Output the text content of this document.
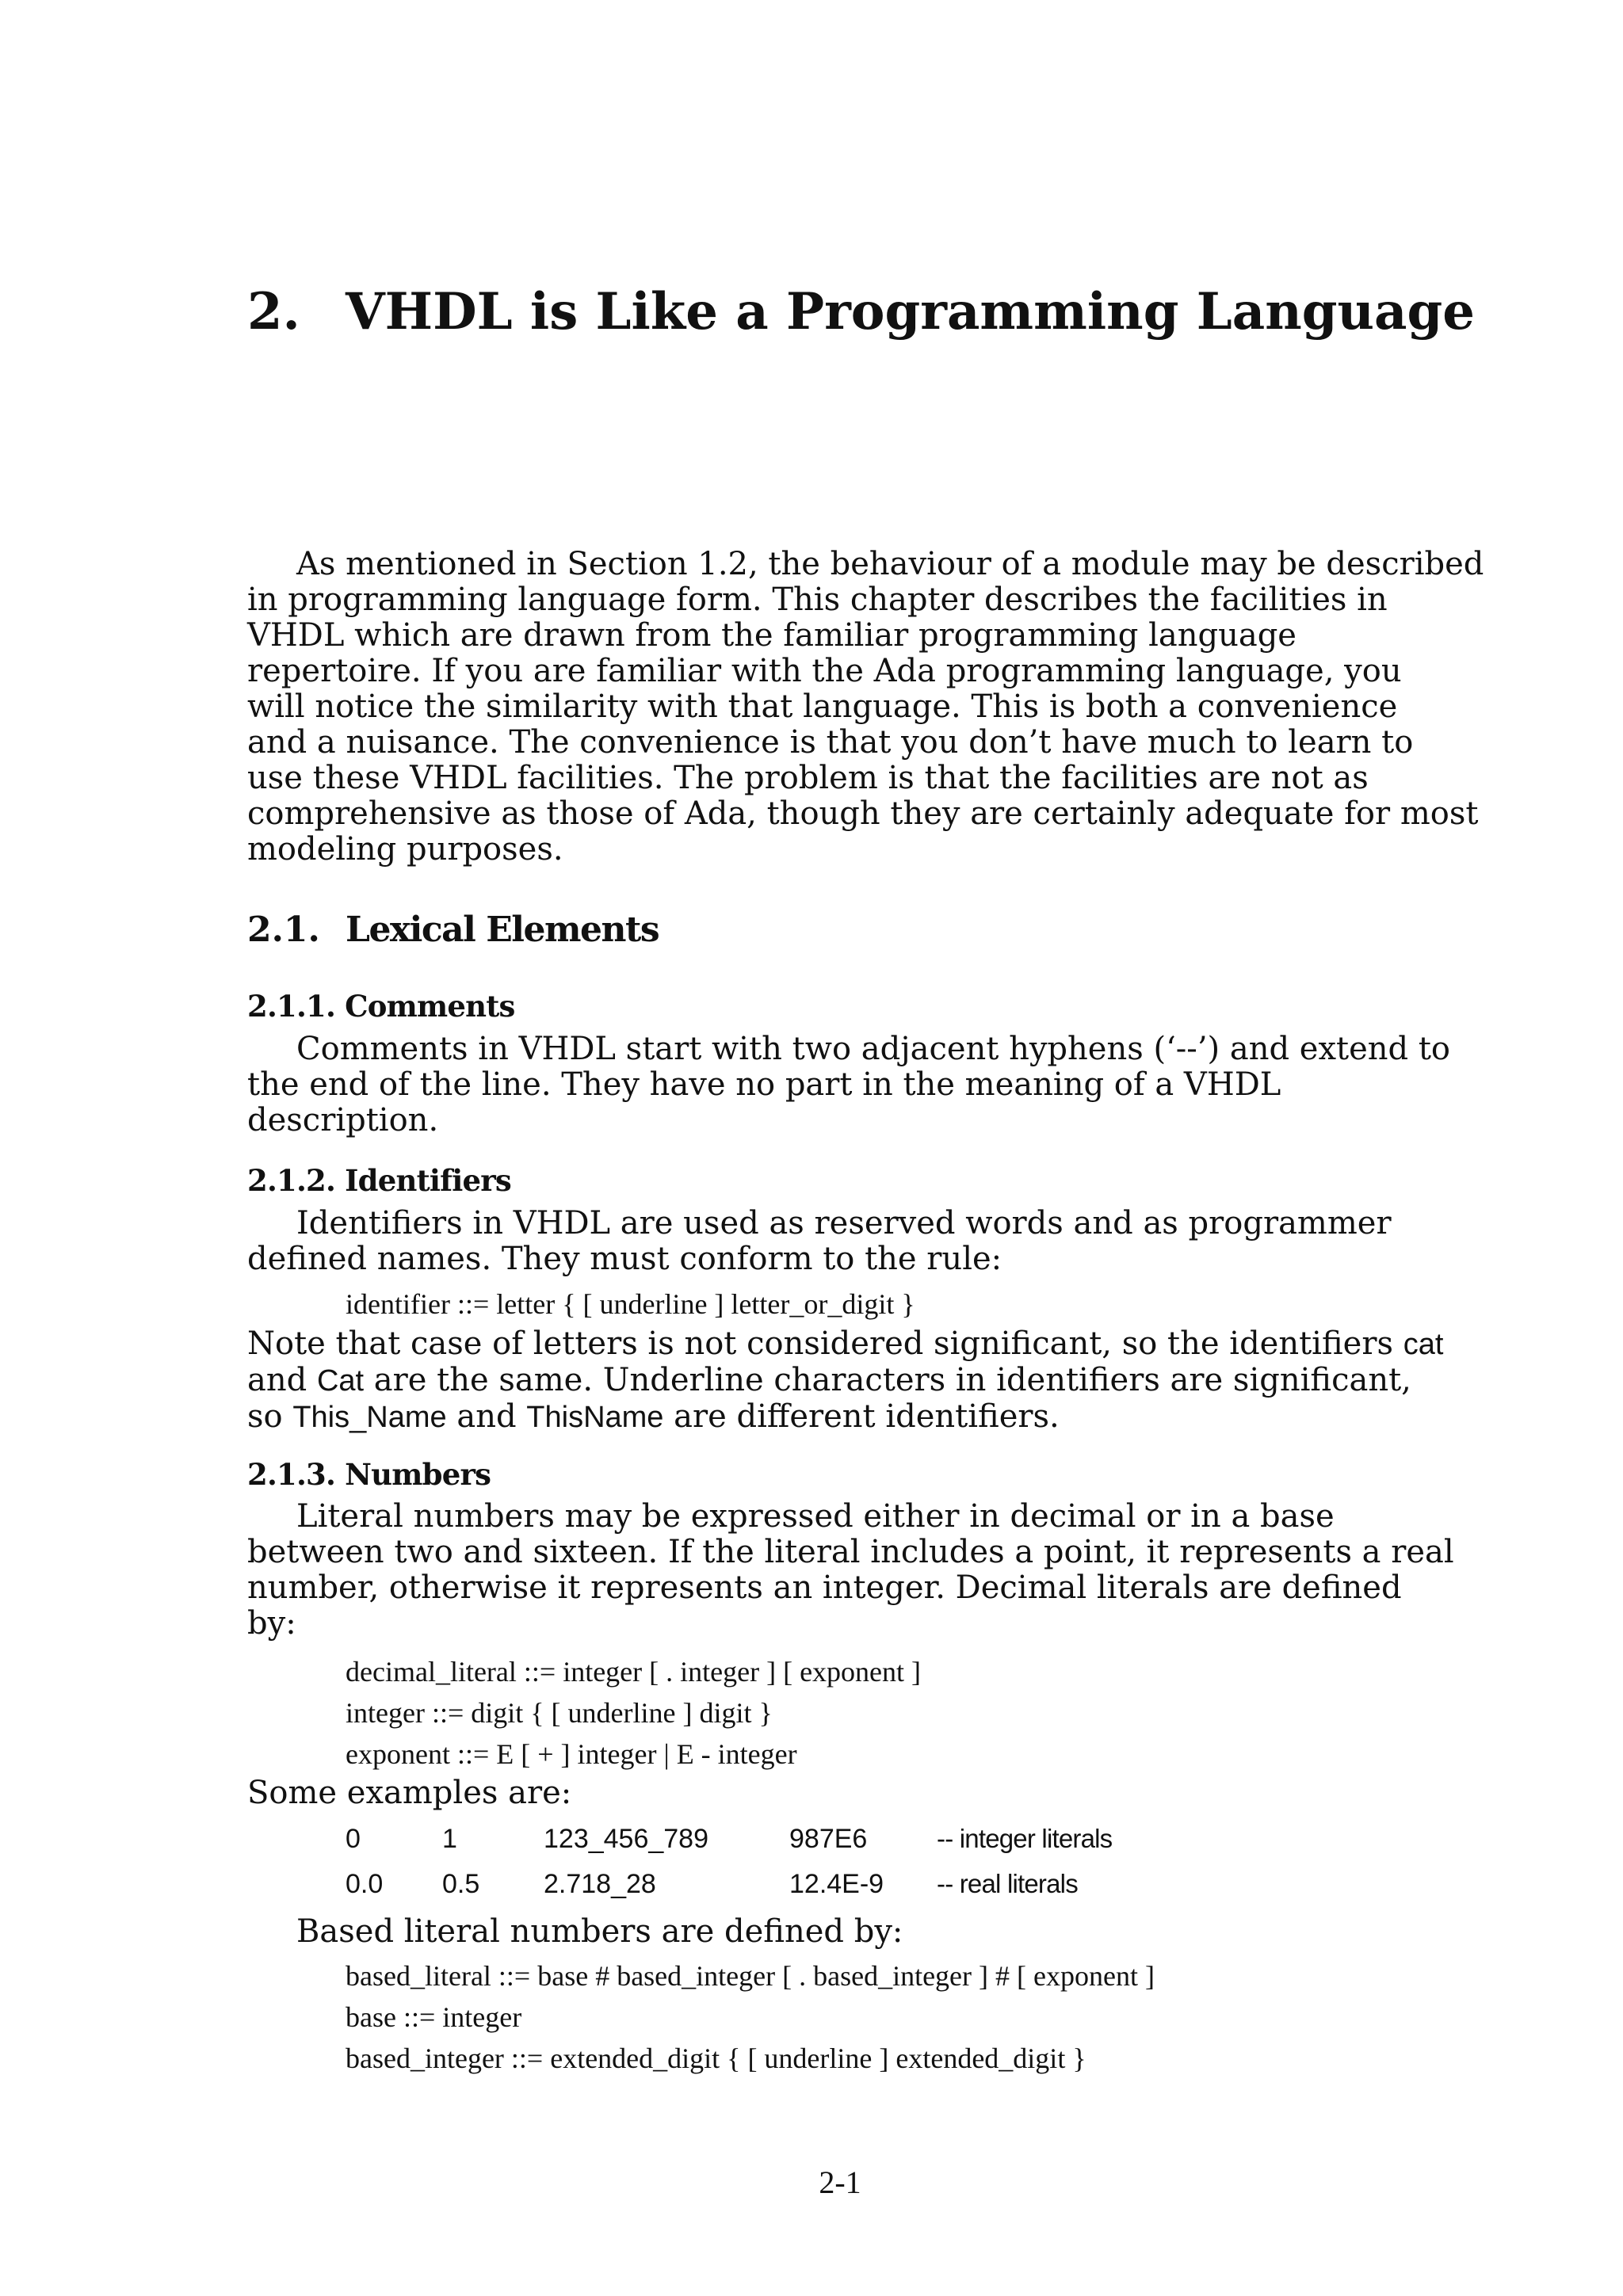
2. VHDL is Like a Programming Language
As mentioned in Section 1.2, the behaviour of a module may be described
in programming language form. This chapter describes the facilities in
VHDL which are drawn from the familiar programming language
repertoire. If you are familiar with the Ada programming language, you
will notice the similarity with that language. This is both a convenience
and a nuisance. The convenience is that you don’t have much to learn to
use these VHDL facilities. The problem is that the facilities are not as
comprehensive as those of Ada, though they are certainly adequate for most
modeling purposes.
2.1. Lexical Elements
2.1.1. Comments
Comments in VHDL start with two adjacent hyphens (‘--’) and extend to
the end of the line. They have no part in the meaning of a VHDL
description.
2.1.2. Identifiers
Identifiers in VHDL are used as reserved words and as programmer
defined names. They must conform to the rule:

identifier ::= letter { [ underline ] letter_or_digit }

Note that case of letters is not considered significant, so the identifiers cat
and Cat are the same. Underline characters in identifiers are significant,
so This_Name and ThisName are different identifiers.
2.1.3. Numbers
Literal numbers may be expressed either in decimal or in a base
between two and sixteen. If the literal includes a point, it represents a real
number, otherwise it represents an integer. Decimal literals are defined
by:

decimal_literal ::= integer [ . integer ] [ exponent ]

integer ::= digit { [ underline ] digit }

exponent ::= E [ + ] integer | E - integer

Some examples are:

0	1	123_456_789	987E6	-- integer literals
0.0 0.5 2.718_28	12.4E-9 -- real literals

Based literal numbers are defined by:

based_literal ::= base # based_integer [ . based_integer ] # [ exponent ]

base ::= integer

based_integer ::= extended_digit { [ underline ] extended_digit }

2-1
